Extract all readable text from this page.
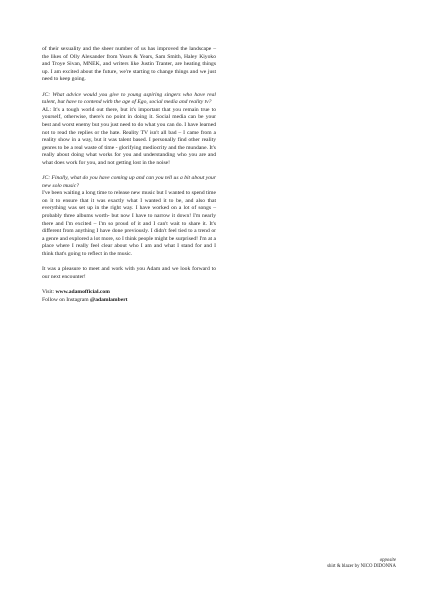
of their sexuality and the sheer number of us has improved the landscape – the likes of Olly Alexander from Years & Years, Sam Smith, Haley Kiyoko and Troye Sivan, MNEK, and writers like Justin Tranter, are heating things up. I am excited about the future, we're starting to change things and we just need to keep going.

JC: What advice would you give to young aspiring singers who have real talent, but have to contend with the age of Ego, social media and reality tv?

AL: It's a tough world out there, but it's important that you remain true to yourself, otherwise, there's no point in doing it. Social media can be your best and worst enemy but you just need to do what you can do. I have learned not to read the replies or the hate. Reality TV isn't all bad – I came from a reality show in a way, but it was talent based. I personally find other reality genres to be a real waste of time - glorifying mediocrity and the mundane. It's really about doing what works for you and understanding who you are and what does work for you, and not getting lost in the noise!

JC: Finally, what do you have coming up and can you tell us a bit about your new solo music?

I've been waiting a long time to release new music but I wanted to spend time on it to ensure that it was exactly what I wanted it to be, and also that everything was set up in the right way. I have worked on a lot of songs – probably three albums worth- but now I have to narrow it down! I'm nearly there and I'm excited – I'm so proud of it and I can't wait to share it. It's different from anything I have done previously. I didn't feel tied to a trend or a genre and explored a lot more, so I think people might be surprised! I'm at a place where I really feel clear about who I am and what I stand for and I think that's going to reflect in the music.

It was a pleasure to meet and work with you Adam and we look forward to our next encounter!

Visit: www.adamofficial.com

Follow on Instagram @adamlambert

opposite
shirt & blazer by NICO DIDONNA
